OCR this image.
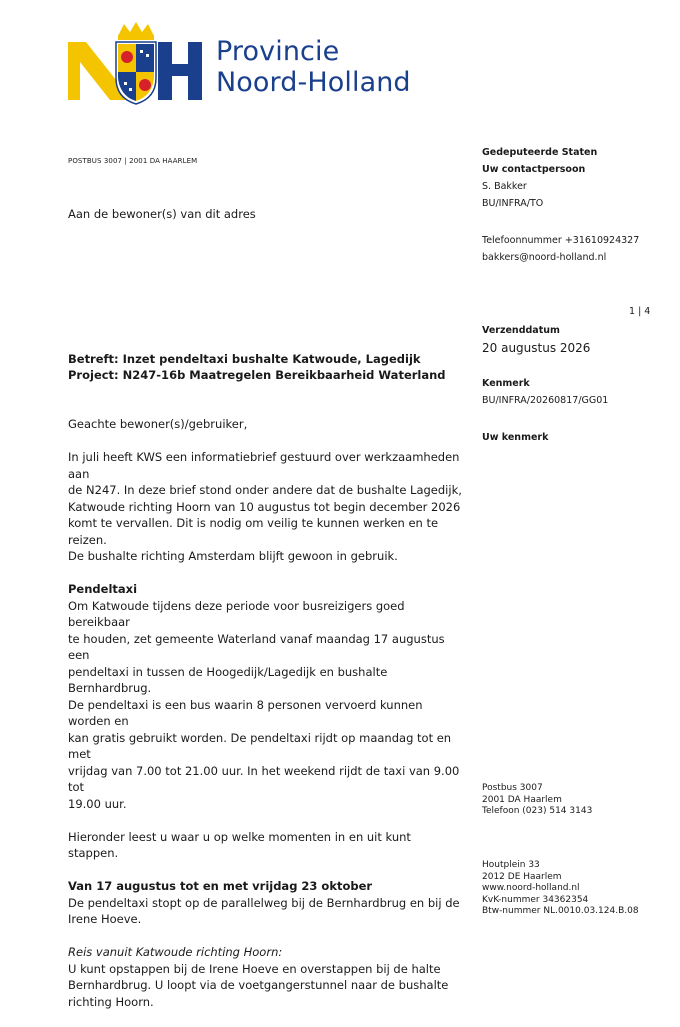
Provincie
Noord-Holland
POSTBUS 3007 | 2001 DA HAARLEM
Aan de bewoner(s) van dit adres
Gedeputeerde Staten
Uw contactpersoon
S. Bakker
BU/INFRA/TO
Telefoonnummer +31610924327
bakkers@noord-holland.nl
1 | 4
Verzenddatum
20 augustus 2026
Kenmerk
BU/INFRA/20260817/GG01
Uw kenmerk
Betreft: Inzet pendeltaxi bushalte Katwoude, Lagedijk
Project: N247-16b Maatregelen Bereikbaarheid Waterland

Geachte bewoner(s)/gebruiker,

In juli heeft KWS een informatiebrief gestuurd over werkzaamheden aan
de N247. In deze brief stond onder andere dat de bushalte Lagedijk,
Katwoude richting Hoorn van 10 augustus tot begin december 2026
komt te vervallen. Dit is nodig om veilig te kunnen werken en te reizen.
De bushalte richting Amsterdam blijft gewoon in gebruik.

Pendeltaxi
Om Katwoude tijdens deze periode voor busreizigers goed bereikbaar
te houden, zet gemeente Waterland vanaf maandag 17 augustus een
pendeltaxi in tussen de Hoogedijk/Lagedijk en bushalte Bernhardbrug.
De pendeltaxi is een bus waarin 8 personen vervoerd kunnen worden en
kan gratis gebruikt worden. De pendeltaxi rijdt op maandag tot en met
vrijdag van 7.00 tot 21.00 uur. In het weekend rijdt de taxi van 9.00 tot
19.00 uur.

Hieronder leest u waar u op welke momenten in en uit kunt stappen.

Van 17 augustus tot en met vrijdag 23 oktober
De pendeltaxi stopt op de parallelweg bij de Bernhardbrug en bij de
Irene Hoeve.

Reis vanuit Katwoude richting Hoorn:
U kunt opstappen bij de Irene Hoeve en overstappen bij de halte
Bernhardbrug. U loopt via de voetgangerstunnel naar de bushalte
richting Hoorn.

Postbus 3007
2001 DA Haarlem
Telefoon (023) 514 3143
Houtplein 33
2012 DE Haarlem
www.noord-holland.nl
KvK-nummer 34362354
Btw-nummer NL.0010.03.124.B.08
